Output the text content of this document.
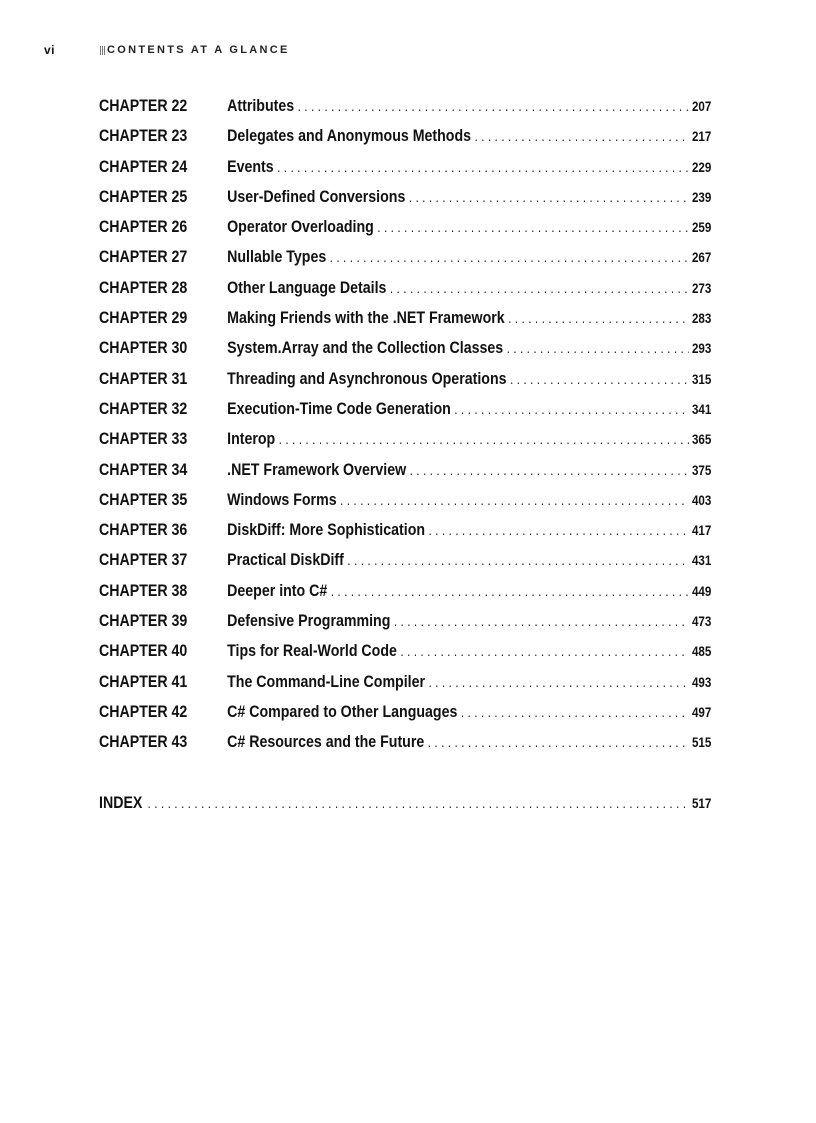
vi	CONTENTS AT A GLANCE
CHAPTER 22	Attributes . . .	207
CHAPTER 23	Delegates and Anonymous Methods . . .	217
CHAPTER 24	Events . . .	229
CHAPTER 25	User-Defined Conversions . . .	239
CHAPTER 26	Operator Overloading . . .	259
CHAPTER 27	Nullable Types . . .	267
CHAPTER 28	Other Language Details . . .	273
CHAPTER 29	Making Friends with the .NET Framework . . .	283
CHAPTER 30	System.Array and the Collection Classes . . .	293
CHAPTER 31	Threading and Asynchronous Operations . . .	315
CHAPTER 32	Execution-Time Code Generation . . .	341
CHAPTER 33	Interop . . .	365
CHAPTER 34	.NET Framework Overview . . .	375
CHAPTER 35	Windows Forms . . .	403
CHAPTER 36	DiskDiff: More Sophistication . . .	417
CHAPTER 37	Practical DiskDiff . . .	431
CHAPTER 38	Deeper into C# . . .	449
CHAPTER 39	Defensive Programming . . .	473
CHAPTER 40	Tips for Real-World Code . . .	485
CHAPTER 41	The Command-Line Compiler . . .	493
CHAPTER 42	C# Compared to Other Languages . . .	497
CHAPTER 43	C# Resources and the Future . . .	515
INDEX . . .	517
